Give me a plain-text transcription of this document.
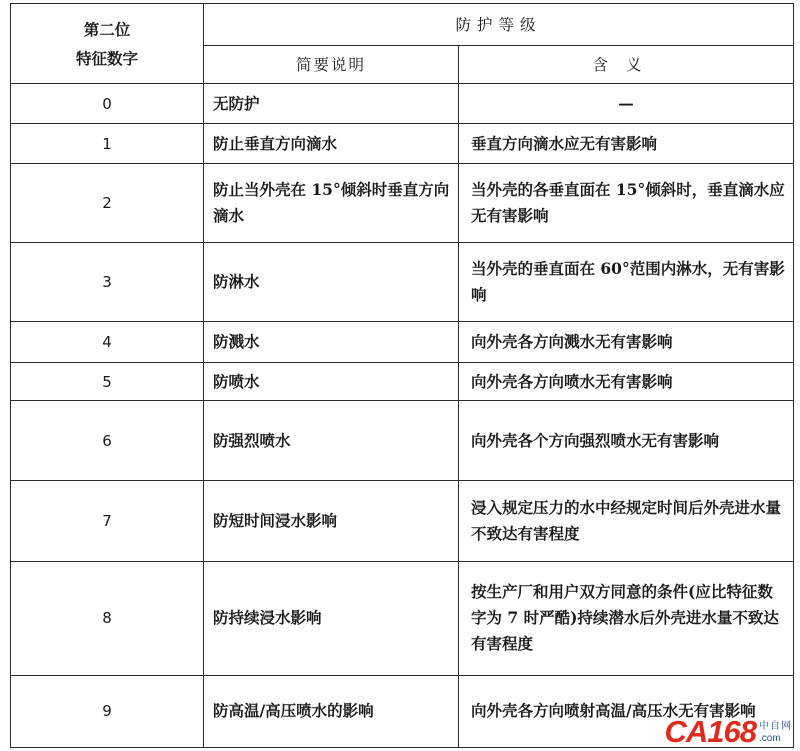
第二位
特征数字	防护等级	
	简要说明	含义
0	无防护	—
1	防止垂直方向滴水	垂直方向滴水应无有害影响
2	防止当外壳在 15°倾斜时垂直方向滴水	当外壳的各垂直面在 15°倾斜时，垂直滴水应无有害影响
3	防淋水	当外壳的垂直面在 60°范围内淋水，无有害影响
4	防溅水	向外壳各方向溅水无有害影响
5	防喷水	向外壳各方向喷水无有害影响
6	防强烈喷水	向外壳各个方向强烈喷水无有害影响
7	防短时间浸水影响	浸入规定压力的水中经规定时间后外壳进水量不致达有害程度
8	防持续浸水影响	按生产厂和用户双方同意的条件(应比特征数字为 7 时严酷)持续潜水后外壳进水量不致达有害程度
9	防高温/高压喷水的影响	向外壳各方向喷射高温/高压水无有害影响
CA168 中自网
.com
